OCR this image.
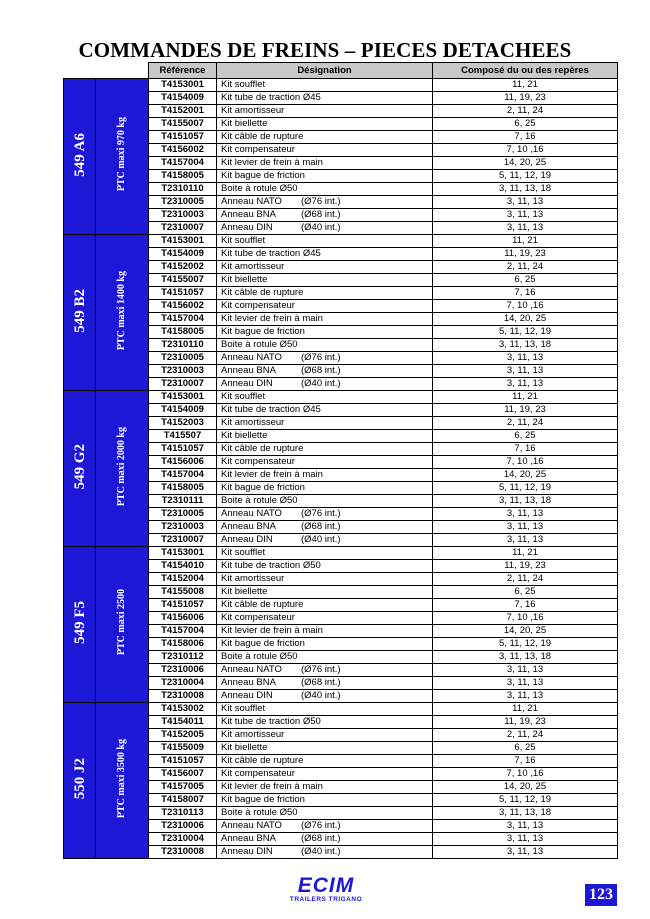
COMMANDES DE FREINS – PIECES DETACHEES
		Référence	Désignation	Composé du ou des repères
549 A6	PTC maxi 970 kg	T4153001	Kit soufflet	11, 21
		T4154009	Kit tube de traction Ø45	11, 19, 23
		T4152001	Kit amortisseur	2, 11, 24
		T4155007	Kit biellette	6, 25
		T4151057	Kit câble de rupture	7, 16
		T4156002	Kit compensateur	7, 10 ,16
		T4157004	Kit levier de frein à main	14, 20, 25
		T4158005	Kit bague de friction	5, 11, 12, 19
		T2310110	Boite à rotule Ø50	3, 11, 13, 18
		T2310005	Anneau NATO (Ø76 int.)	3, 11, 13
		T2310003	Anneau BNA (Ø68 int.)	3, 11, 13
		T2310007	Anneau DIN (Ø40 int.)	3, 11, 13
549 B2	PTC maxi 1400 kg	T4153001	Kit soufflet	11, 21
		T4154009	Kit tube de traction Ø45	11, 19, 23
		T4152002	Kit amortisseur	2, 11, 24
		T4155007	Kit biellette	6, 25
		T4151057	Kit câble de rupture	7, 16
		T4156002	Kit compensateur	7, 10 ,16
		T4157004	Kit levier de frein à main	14, 20, 25
		T4158005	Kit bague de friction	5, 11, 12, 19
		T2310110	Boite à rotule Ø50	3, 11, 13, 18
		T2310005	Anneau NATO (Ø76 int.)	3, 11, 13
		T2310003	Anneau BNA (Ø68 int.)	3, 11, 13
		T2310007	Anneau DIN (Ø40 int.)	3, 11, 13
549 G2	PTC maxi 2000 kg	T4153001	Kit soufflet	11, 21
		T4154009	Kit tube de traction Ø45	11, 19, 23
		T4152003	Kit amortisseur	2, 11, 24
		T415507	Kit biellette	6, 25
		T4151057	Kit câble de rupture	7, 16
		T4156006	Kit compensateur	7, 10 ,16
		T4157004	Kit levier de frein à main	14, 20, 25
		T4158005	Kit bague de friction	5, 11, 12, 19
		T2310111	Boite à rotule Ø50	3, 11, 13, 18
		T2310005	Anneau NATO (Ø76 int.)	3, 11, 13
		T2310003	Anneau BNA (Ø68 int.)	3, 11, 13
		T2310007	Anneau DIN (Ø40 int.)	3, 11, 13
549 F5	PTC maxi 2500	T4153001	Kit soufflet	11, 21
		T4154010	Kit tube de traction Ø50	11, 19, 23
		T4152004	Kit amortisseur	2, 11, 24
		T4155008	Kit biellette	6, 25
		T4151057	Kit câble de rupture	7, 16
		T4156006	Kit compensateur	7, 10 ,16
		T4157004	Kit levier de frein à main	14, 20, 25
		T4158006	Kit bague de friction	5, 11, 12, 19
		T2310112	Boite à rotule Ø50	3, 11, 13, 18
		T2310006	Anneau NATO (Ø76 int.)	3, 11, 13
		T2310004	Anneau BNA (Ø68 int.)	3, 11, 13
		T2310008	Anneau DIN (Ø40 int.)	3, 11, 13
550 J2	PTC maxi 3500 kg	T4153002	Kit soufflet	11, 21
		T4154011	Kit tube de traction Ø50	11, 19, 23
		T4152005	Kit amortisseur	2, 11, 24
		T4155009	Kit biellette	6, 25
		T4151057	Kit câble de rupture	7, 16
		T4156007	Kit compensateur	7, 10 ,16
		T4157005	Kit levier de frein à main	14, 20, 25
		T4158007	Kit bague de friction	5, 11, 12, 19
		T2310113	Boite à rotule Ø50	3, 11, 13, 18
		T2310006	Anneau NATO (Ø76 int.)	3, 11, 13
		T2310004	Anneau BNA (Ø68 int.)	3, 11, 13
		T2310008	Anneau DIN (Ø40 int.)	3, 11, 13
ECIM
TRAILERS TRIGANO	123
